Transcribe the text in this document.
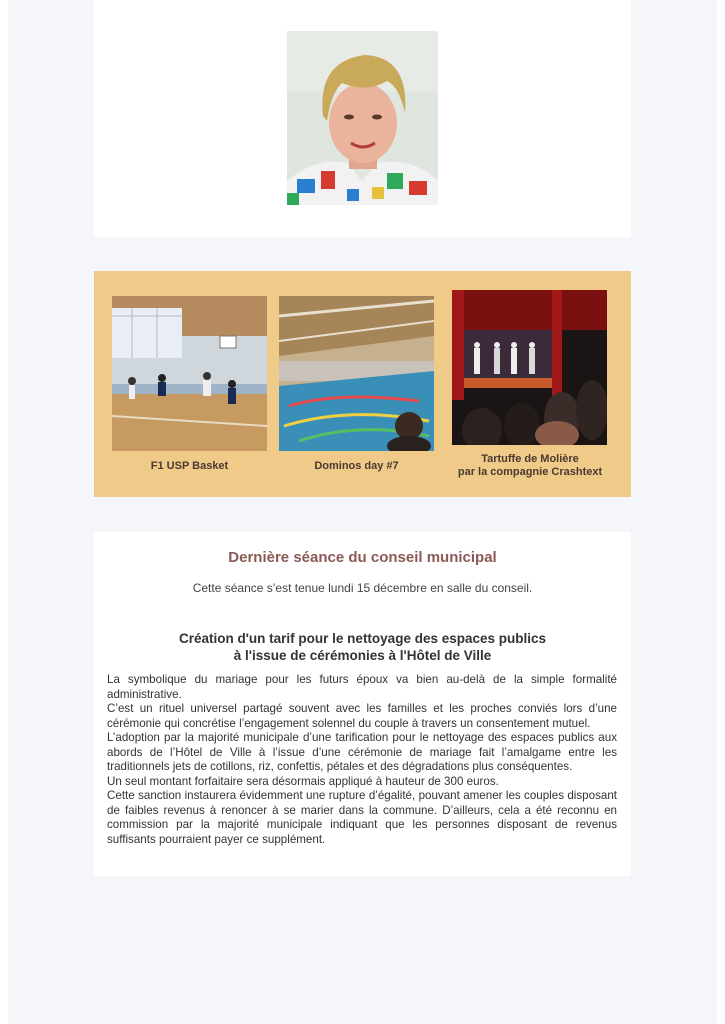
F1 USP Basket	Dominos day #7
Tartuffe de Molière
par la compagnie Crashtext
Dernière séance du conseil municipal
Cette séance s’est tenue lundi 15 décembre en salle du conseil.
Création d'un tarif pour le nettoyage des espaces publics
à l'issue de cérémonies à l'Hôtel de Ville

La symbolique du mariage pour les futurs époux va bien au-delà de la simple formalité administrative.

C’est un rituel universel partagé souvent avec les familles et les proches conviés lors d’une cérémonie qui concrétise l’engagement solennel du couple à travers un consentement mutuel.

L’adoption par la majorité municipale d’une tarification pour le nettoyage des espaces publics aux abords de l’Hôtel de Ville à l’issue d’une cérémonie de mariage fait l’amalgame entre les traditionnels jets de cotillons, riz, confettis, pétales et des dégradations plus conséquentes.

Un seul montant forfaitaire sera désormais appliqué à hauteur de 300 euros.

Cette sanction instaurera évidemment une rupture d’égalité, pouvant amener les couples disposant de faibles revenus à renoncer à se marier dans la commune. D’ailleurs, cela a été reconnu en commission par la majorité municipale indiquant que les personnes disposant de revenus suffisants pourraient payer ce supplément.
